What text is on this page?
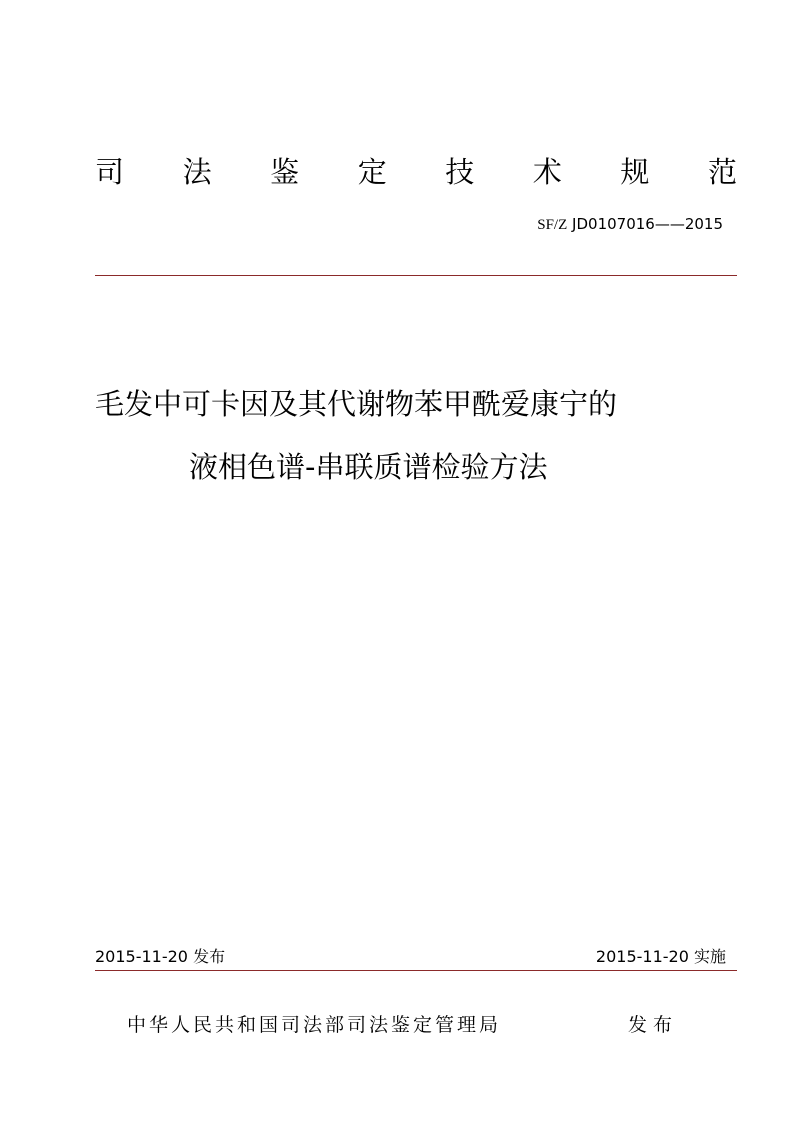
司 法 鉴 定 技 术 规 范
SF/Z JD0107016——2015
毛发中可卡因及其代谢物苯甲酰爱康宁的
液相色谱-串联质谱检验方法
2015-11-20 发布	2015-11-20 实施
中华人民共和国司法部司法鉴定管理局	发布
